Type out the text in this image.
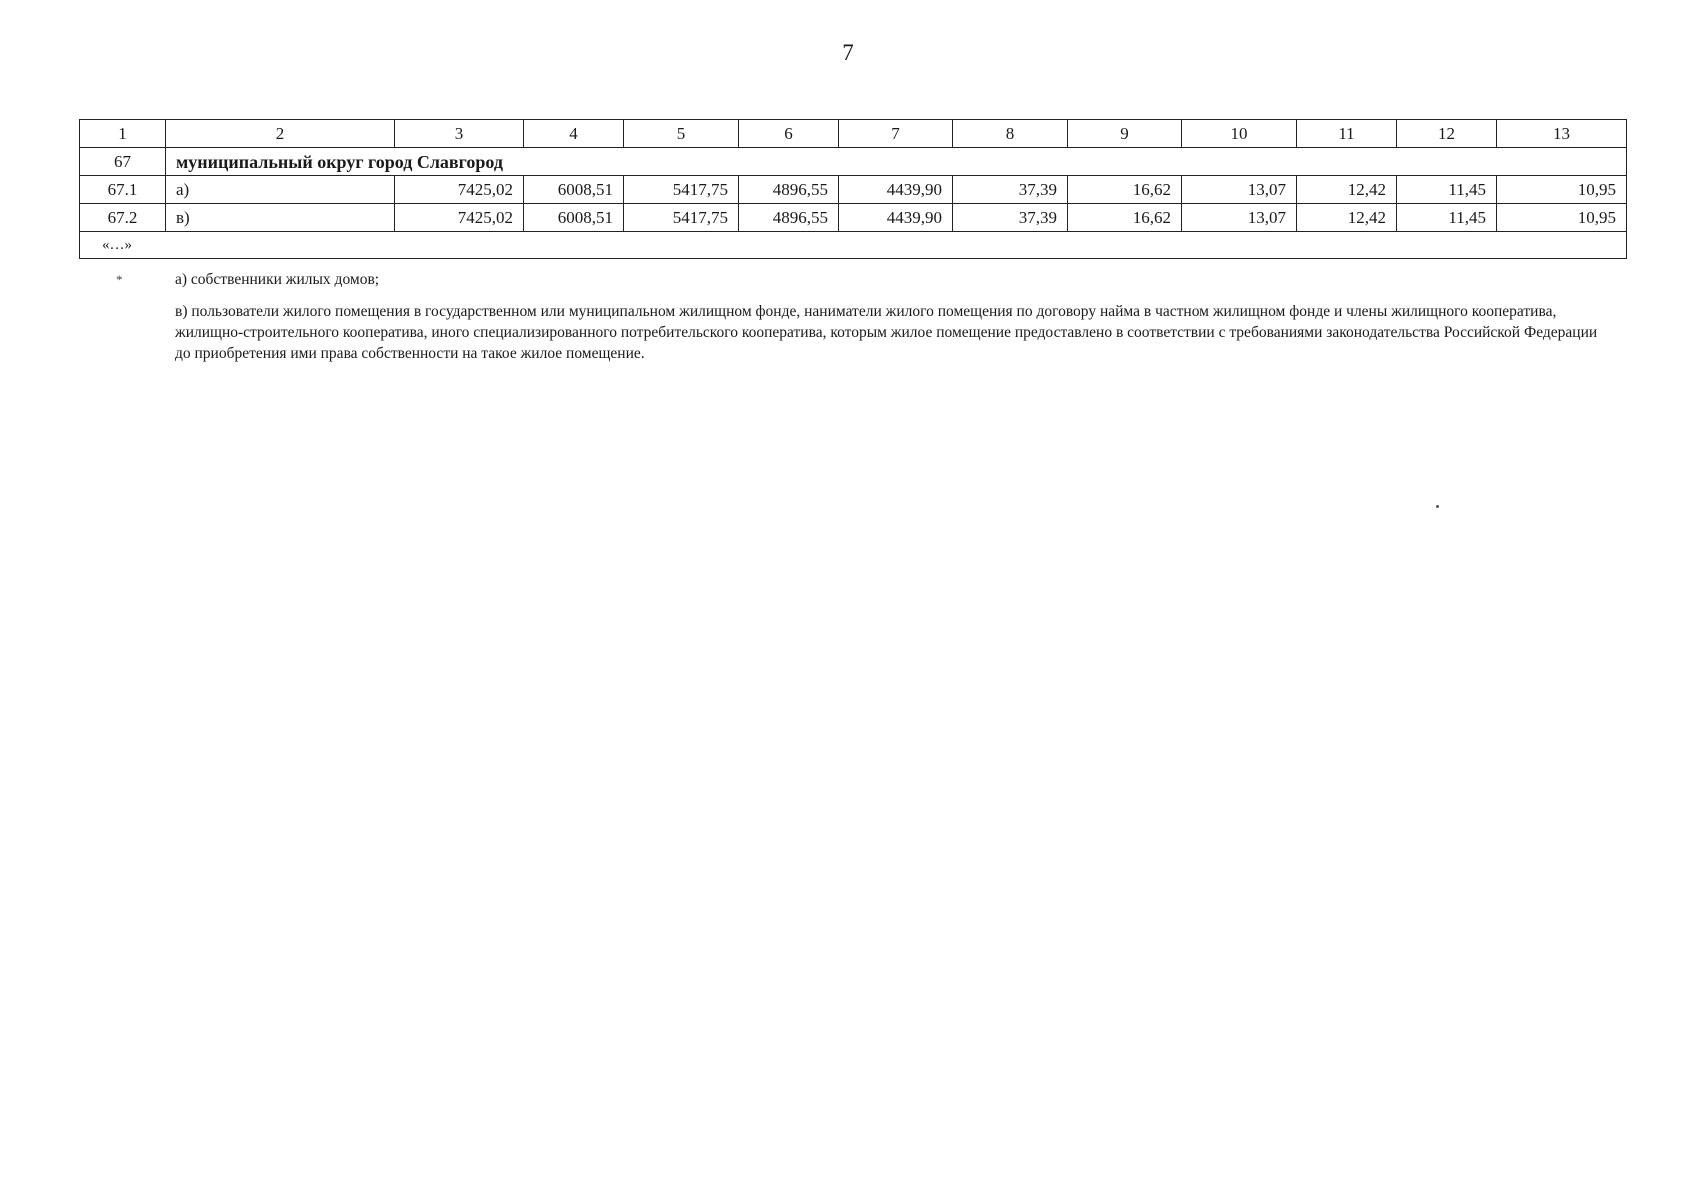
7
1	2	3	4	5	6	7	8	9	10	11	12	13
67	муниципальный округ город Славгород											
67.1	а)	7425,02	6008,51	5417,75	4896,55	4439,90	37,39	16,62	13,07	12,42	11,45	10,95
67.2	в)	7425,02	6008,51	5417,75	4896,55	4439,90	37,39	16,62	13,07	12,42	11,45	10,95
«…»												
*	а) собственники жилых домов;
в) пользователи жилого помещения в государственном или муниципальном жилищном фонде, наниматели жилого помещения по договору найма в частном жилищном фонде и члены жилищного кооператива, жилищно-строительного кооператива, иного специализированного потребительского кооператива, которым жилое помещение предоставлено в соответствии с требованиями законодательства Российской Федерации до приобретения ими права собственности на такое жилое помещение.
